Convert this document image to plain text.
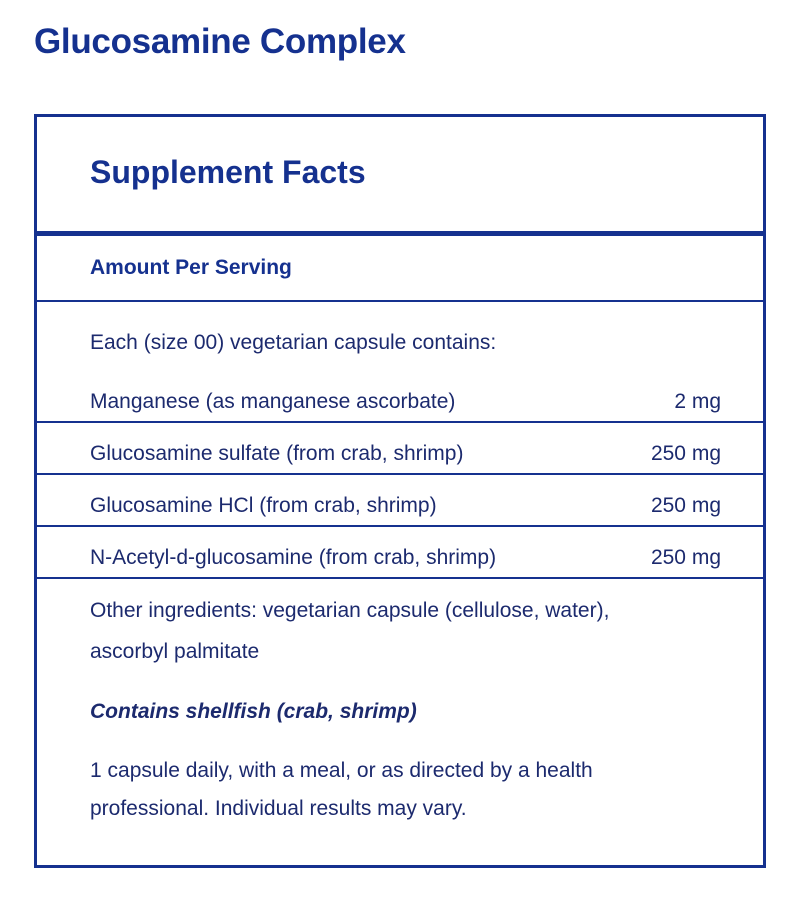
Glucosamine Complex
Supplement Facts
Amount Per Serving
Each (size 00) vegetarian capsule contains:
Manganese (as manganese ascorbate)	2 mg
Glucosamine sulfate (from crab, shrimp)	250 mg
Glucosamine HCl (from crab, shrimp)	250 mg
N-Acetyl-d-glucosamine (from crab, shrimp)	250 mg
Other ingredients: vegetarian capsule (cellulose, water),
ascorbyl palmitate
Contains shellfish (crab, shrimp)
1 capsule daily, with a meal, or as directed by a health
professional. Individual results may vary.
